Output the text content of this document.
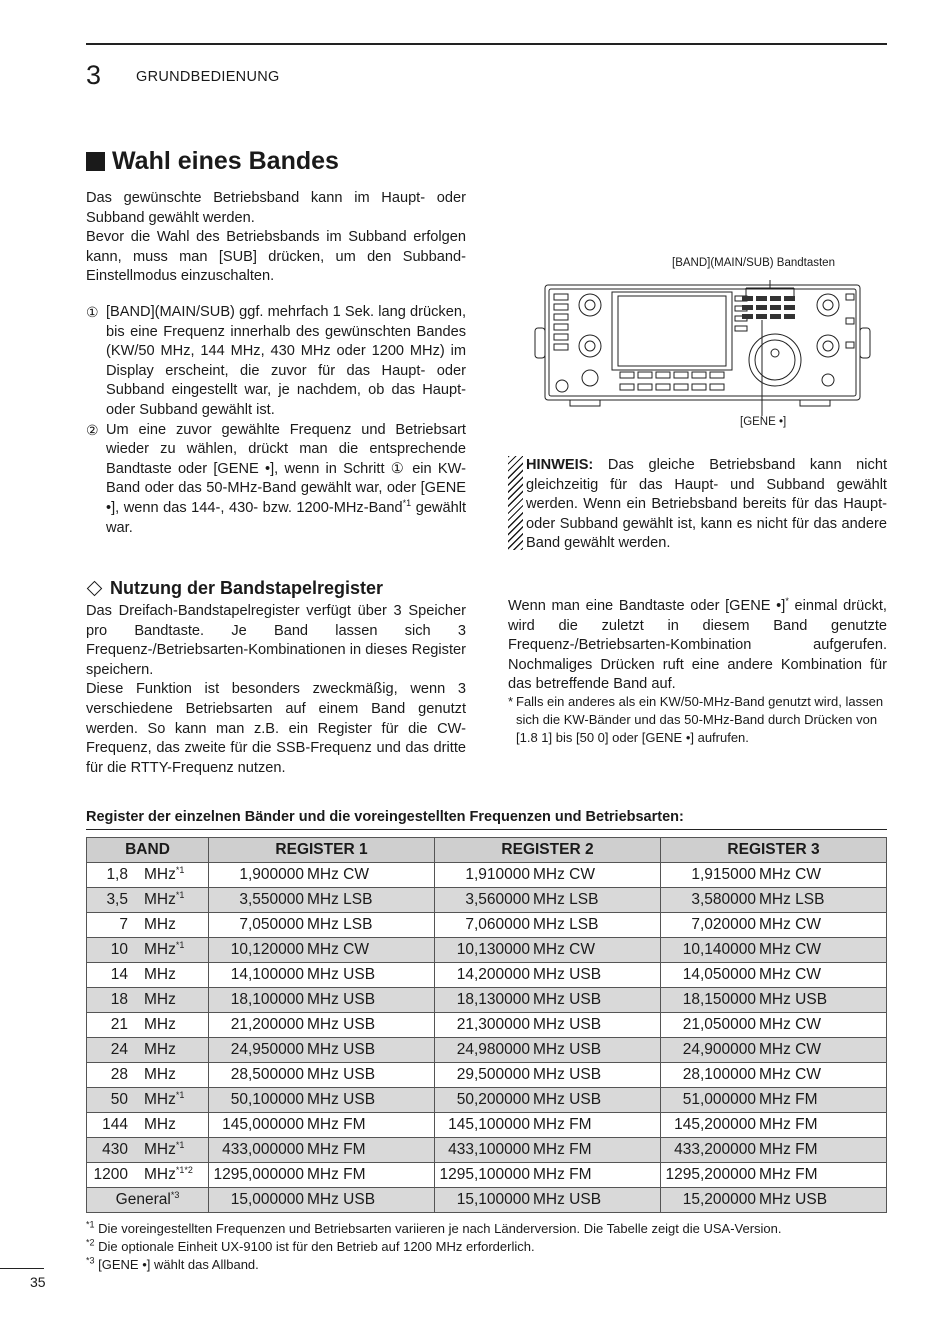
3 GRUNDBEDIENUNG
Wahl eines Bandes
Das gewünschte Betriebsband kann im Haupt- oder Subband gewählt werden.
Bevor die Wahl des Betriebsbands im Subband erfolgen kann, muss man [SUB] drücken, um den Subband-Einstellmodus einzuschalten.
① [BAND](MAIN/SUB) ggf. mehrfach 1 Sek. lang drücken, bis eine Frequenz innerhalb des gewünschten Bandes (KW/50 MHz, 144 MHz, 430 MHz oder 1200 MHz) im Display erscheint, die zuvor für das Haupt- oder Subband eingestellt war, je nachdem, ob das Haupt- oder Subband gewählt ist.
② Um eine zuvor gewählte Frequenz und Betriebsart wieder zu wählen, drückt man die entsprechende Bandtaste oder [GENE •], wenn in Schritt ① ein KW-Band oder das 50-MHz-Band gewählt war, oder [GENE •], wenn das 144-, 430- bzw. 1200-MHz-Band$^{*1}$ gewählt war.
[BAND](MAIN/SUB) Bandtasten
[GENE •]
HINWEIS: Das gleiche Betriebsband kann nicht gleichzeitig für das Haupt- und Subband gewählt werden. Wenn ein Betriebsband bereits für das Haupt- oder Subband gewählt ist, kann es nicht für das andere Band gewählt werden.
Nutzung der Bandstapelregister
Das Dreifach-Bandstapelregister verfügt über 3 Speicher pro Bandtaste. Je Band lassen sich 3 Frequenz-/Betriebsarten-Kombinationen in dieses Register speichern.
Diese Funktion ist besonders zweckmäßig, wenn 3 verschiedene Betriebsarten auf einem Band genutzt werden. So kann man z.B. ein Register für die CW-Frequenz, das zweite für die SSB-Frequenz und das dritte für die RTTY-Frequenz nutzen.
Wenn man eine Bandtaste oder [GENE •]* einmal drückt, wird die zuletzt in diesem Band genutzte Frequenz-/Betriebsarten-Kombination aufgerufen. Nochmaliges Drücken ruft eine andere Kombination für das betreffende Band auf.
* Falls ein anderes als ein KW/50-MHz-Band genutzt wird, lassen sich die KW-Bänder und das 50-MHz-Band durch Drücken von [1.8 1] bis [50 0] oder [GENE •] aufrufen.
Register der einzelnen Bänder und die voreingestellten Frequenzen und Betriebsarten:
BAND	REGISTER 1	REGISTER 2	REGISTER 3

1,8 MHz$^{*1}$	1,900000 MHz CW	1,910000 MHz CW	1,915000 MHz CW

3,5 MHz$^{*1}$	3,550000 MHz LSB	3,560000 MHz LSB	3,580000 MHz LSB

7 MHz	7,050000 MHz LSB	7,060000 MHz LSB	7,020000 MHz CW

10 MHz$^{*1}$	10,120000 MHz CW	10,130000 MHz CW	10,140000 MHz CW

14 MHz	14,100000 MHz USB	14,200000 MHz USB	14,050000 MHz CW

18 MHz	18,100000 MHz USB	18,130000 MHz USB	18,150000 MHz USB

21 MHz	21,200000 MHz USB	21,300000 MHz USB	21,050000 MHz CW

24 MHz	24,950000 MHz USB	24,980000 MHz USB	24,900000 MHz CW

28 MHz	28,500000 MHz USB	29,500000 MHz USB	28,100000 MHz CW

50 MHz$^{*1}$	50,100000 MHz USB	50,200000 MHz USB	51,000000 MHz FM

144 MHz	145,000000 MHz FM	145,100000 MHz FM	145,200000 MHz FM

430 MHz$^{*1}$	433,000000 MHz FM	433,100000 MHz FM	433,200000 MHz FM

1200 MHz$^{*1*2}$	1295,000000 MHz FM	1295,100000 MHz FM	1295,200000 MHz FM

General$^{*3}$	15,000000 MHz USB	15,100000 MHz USB	15,200000 MHz USB
$^{*1}$ Die voreingestellten Frequenzen und Betriebsarten variieren je nach Länderversion. Die Tabelle zeigt die USA-Version.
$^{*2}$ Die optionale Einheit UX-9100 ist für den Betrieb auf 1200 MHz erforderlich.
$^{*3}$ [GENE •] wählt das Allband.
35
